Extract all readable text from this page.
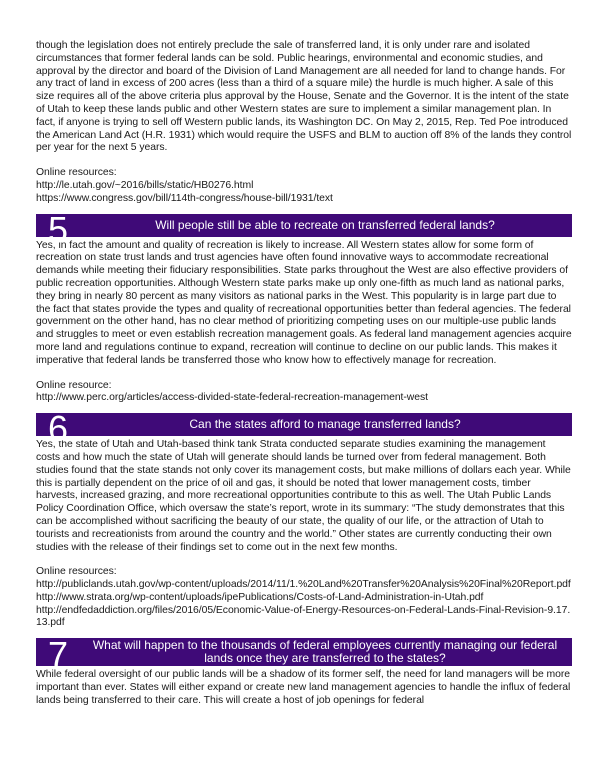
though the legislation does not entirely preclude the sale of transferred land, it is only under rare and isolated circumstances that former federal lands can be sold. Public hearings, environmental and economic studies, and approval by the director and board of the Division of Land Management are all needed for land to change hands. For any tract of land in excess of 200 acres (less than a third of a square mile) the hurdle is much higher. A sale of this size requires all of the above criteria plus approval by the House, Senate and the Governor. It is the intent of the state of Utah to keep these lands public and other Western states are sure to implement a similar management plan. In fact, if anyone is trying to sell off Western public lands, its Washington DC. On May 2, 2015, Rep. Ted Poe introduced the American Land Act (H.R. 1931) which would require the USFS and BLM to auction off 8% of the lands they control per year for the next 5 years.

Online resources:

http://le.utah.gov/~2016/bills/static/HB0276.html

https://www.congress.gov/bill/114th-congress/house-bill/1931/text

5	Will people still be able to recreate on transferred federal lands?

Yes, in fact the amount and quality of recreation is likely to increase. All Western states allow for some form of recreation on state trust lands and trust agencies have often found innovative ways to accommodate recreational demands while meeting their fiduciary responsibilities. State parks throughout the West are also effective providers of public recreation opportunities. Although Western state parks make up only one-fifth as much land as national parks, they bring in nearly 80 percent as many visitors as national parks in the West. This popularity is in large part due to the fact that states provide the types and quality of recreational opportunities better than federal agencies. The federal government on the other hand, has no clear method of prioritizing competing uses on our multiple-use public lands and struggles to meet or even establish recreation management goals. As federal land management agencies acquire more land and regulations continue to expand, recreation will continue to decline on our public lands. This makes it imperative that federal lands be transferred those who know how to effectively manage for recreation.

Online resource:

http://www.perc.org/articles/access-divided-state-federal-recreation-management-west

6	Can the states afford to manage transferred lands?

Yes, the state of Utah and Utah-based think tank Strata conducted separate studies examining the management costs and how much the state of Utah will generate should lands be turned over from federal management. Both studies found that the state stands not only cover its management costs, but make millions of dollars each year. While this is partially dependent on the price of oil and gas, it should be noted that lower management costs, timber harvests, increased grazing, and more recreational opportunities contribute to this as well. The Utah Public Lands Policy Coordination Office, which oversaw the state’s report, wrote in its summary: “The study demonstrates that this can be accomplished without sacrificing the beauty of our state, the quality of our life, or the attraction of Utah to tourists and recreationists from around the country and the world.” Other states are currently conducting their own studies with the release of their findings set to come out in the next few months.

Online resources:

http://publiclands.utah.gov/wp-content/uploads/2014/11/1.%20Land%20Transfer%20Analysis%20Final%20Report.pdf

http://www.strata.org/wp-content/uploads/ipePublications/Costs-of-Land-Administration-in-Utah.pdf

http://endfedaddiction.org/files/2016/05/Economic-Value-of-Energy-Resources-on-Federal-Lands-Final-Revision-9.17.13.pdf

7	What will happen to the thousands of federal employees currently managing our federal lands once they are transferred to the states?

While federal oversight of our public lands will be a shadow of its former self, the need for land managers will be more important than ever. States will either expand or create new land management agencies to handle the influx of federal lands being transferred to their care. This will create a host of job openings for federal
